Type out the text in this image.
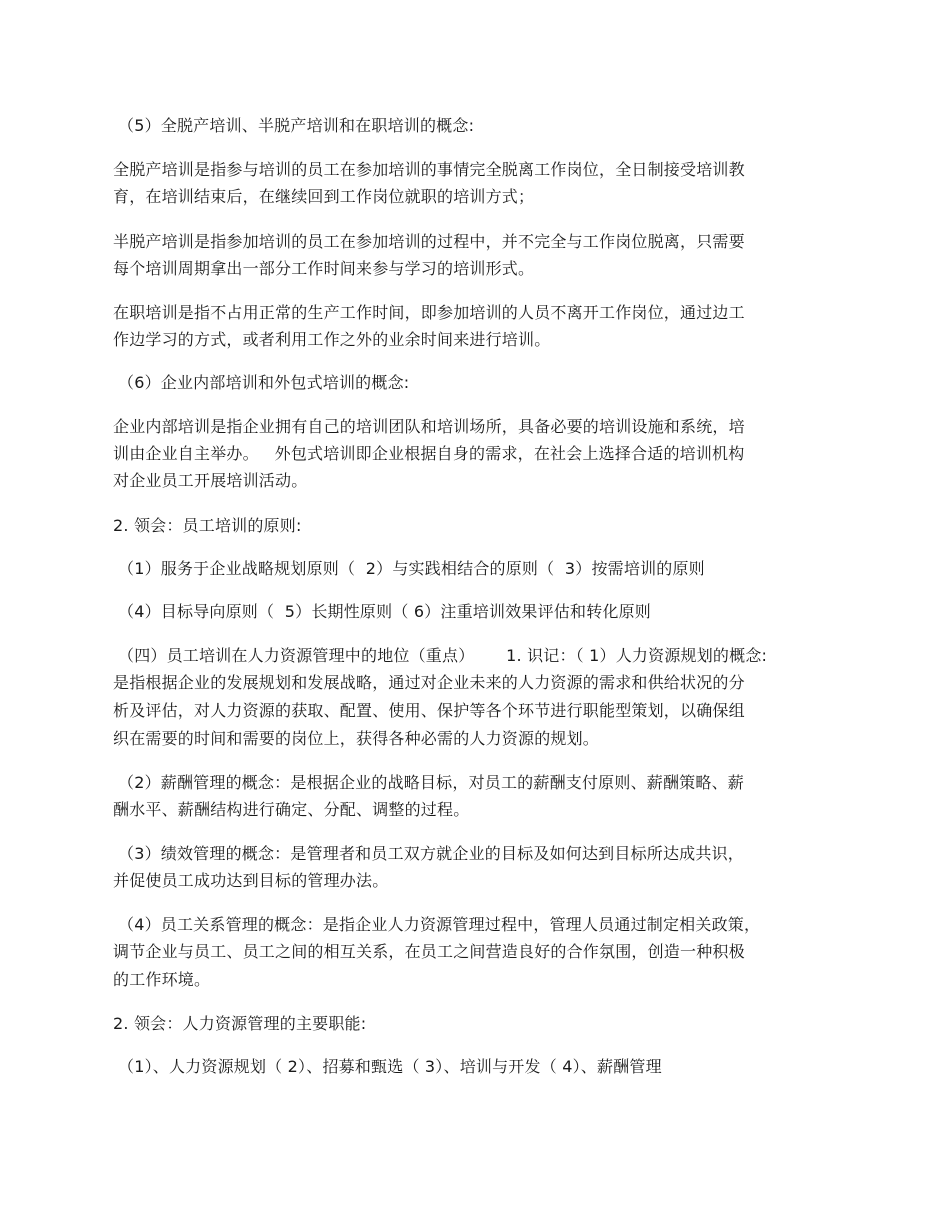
（5）全脱产培训、半脱产培训和在职培训的概念:
全脱产培训是指参与培训的员工在参加培训的事情完全脱离工作岗位，全日制接受培训教
育，在培训结束后，在继续回到工作岗位就职的培训方式；
半脱产培训是指参加培训的员工在参加培训的过程中，并不完全与工作岗位脱离，只需要
每个培训周期拿出一部分工作时间来参与学习的培训形式。
在职培训是指不占用正常的生产工作时间，即参加培训的人员不离开工作岗位，通过边工
作边学习的方式，或者利用工作之外的业余时间来进行培训。
（6）企业内部培训和外包式培训的概念:
企业内部培训是指企业拥有自己的培训团队和培训场所，具备必要的培训设施和系统，培
训由企业自主举办。   外包式培训即企业根据自身的需求，在社会上选择合适的培训机构
对企业员工开展培训活动。
2. 领会：员工培训的原则:
（1）服务于企业战略规划原则（  2）与实践相结合的原则（  3）按需培训的原则
（4）目标导向原则（  5）长期性原则（ 6）注重培训效果评估和转化原则
（四）员工培训在人力资源管理中的地位（重点）      1. 识记：（ 1）人力资源规划的概念:
是指根据企业的发展规划和发展战略，通过对企业未来的人力资源的需求和供给状况的分
析及评估，对人力资源的获取、配置、使用、保护等各个环节进行职能型策划，以确保组
织在需要的时间和需要的岗位上，获得各种必需的人力资源的规划。
（2）薪酬管理的概念：是根据企业的战略目标，对员工的薪酬支付原则、薪酬策略、薪
酬水平、薪酬结构进行确定、分配、调整的过程。
（3）绩效管理的概念：是管理者和员工双方就企业的目标及如何达到目标所达成共识，
并促使员工成功达到目标的管理办法。
（4）员工关系管理的概念：是指企业人力资源管理过程中，管理人员通过制定相关政策，
调节企业与员工、员工之间的相互关系，在员工之间营造良好的合作氛围，创造一种积极
的工作环境。
2. 领会：人力资源管理的主要职能:
（1）、人力资源规划（ 2）、招募和甄选（ 3）、培训与开发（ 4）、薪酬管理
